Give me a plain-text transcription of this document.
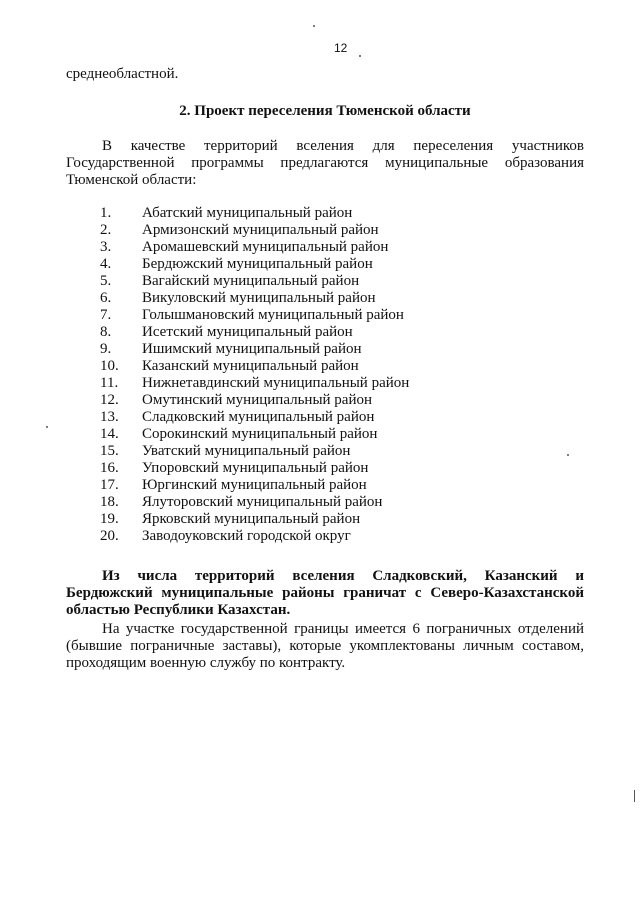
12
среднеобластной.
2. Проект переселения Тюменской области
В качестве территорий вселения для переселения участников Государственной программы предлагаются муниципальные образования Тюменской области:
1. Абатский муниципальный район
2. Армизонский муниципальный район
3. Аромашевский муниципальный район
4. Бердюжский муниципальный район
5. Вагайский муниципальный район
6. Викуловский муниципальный район
7. Голышмановский муниципальный район
8. Исетский муниципальный район
9. Ишимский муниципальный район
10. Казанский муниципальный район
11. Нижнетавдинский муниципальный район
12. Омутинский муниципальный район
13. Сладковский муниципальный район
14. Сорокинский муниципальный район
15. Уватский муниципальный район
16. Упоровский муниципальный район
17. Юргинский муниципальный район
18. Ялуторовский муниципальный район
19. Ярковский муниципальный район
20. Заводоуковский городской округ
Из числа территорий вселения Сладковский, Казанский и Бердюжский муниципальные районы граничат с Северо-Казахстанской областью Республики Казахстан.
На участке государственной границы имеется 6 пограничных отделений (бывшие пограничные заставы), которые укомплектованы личным составом, проходящим военную службу по контракту.
